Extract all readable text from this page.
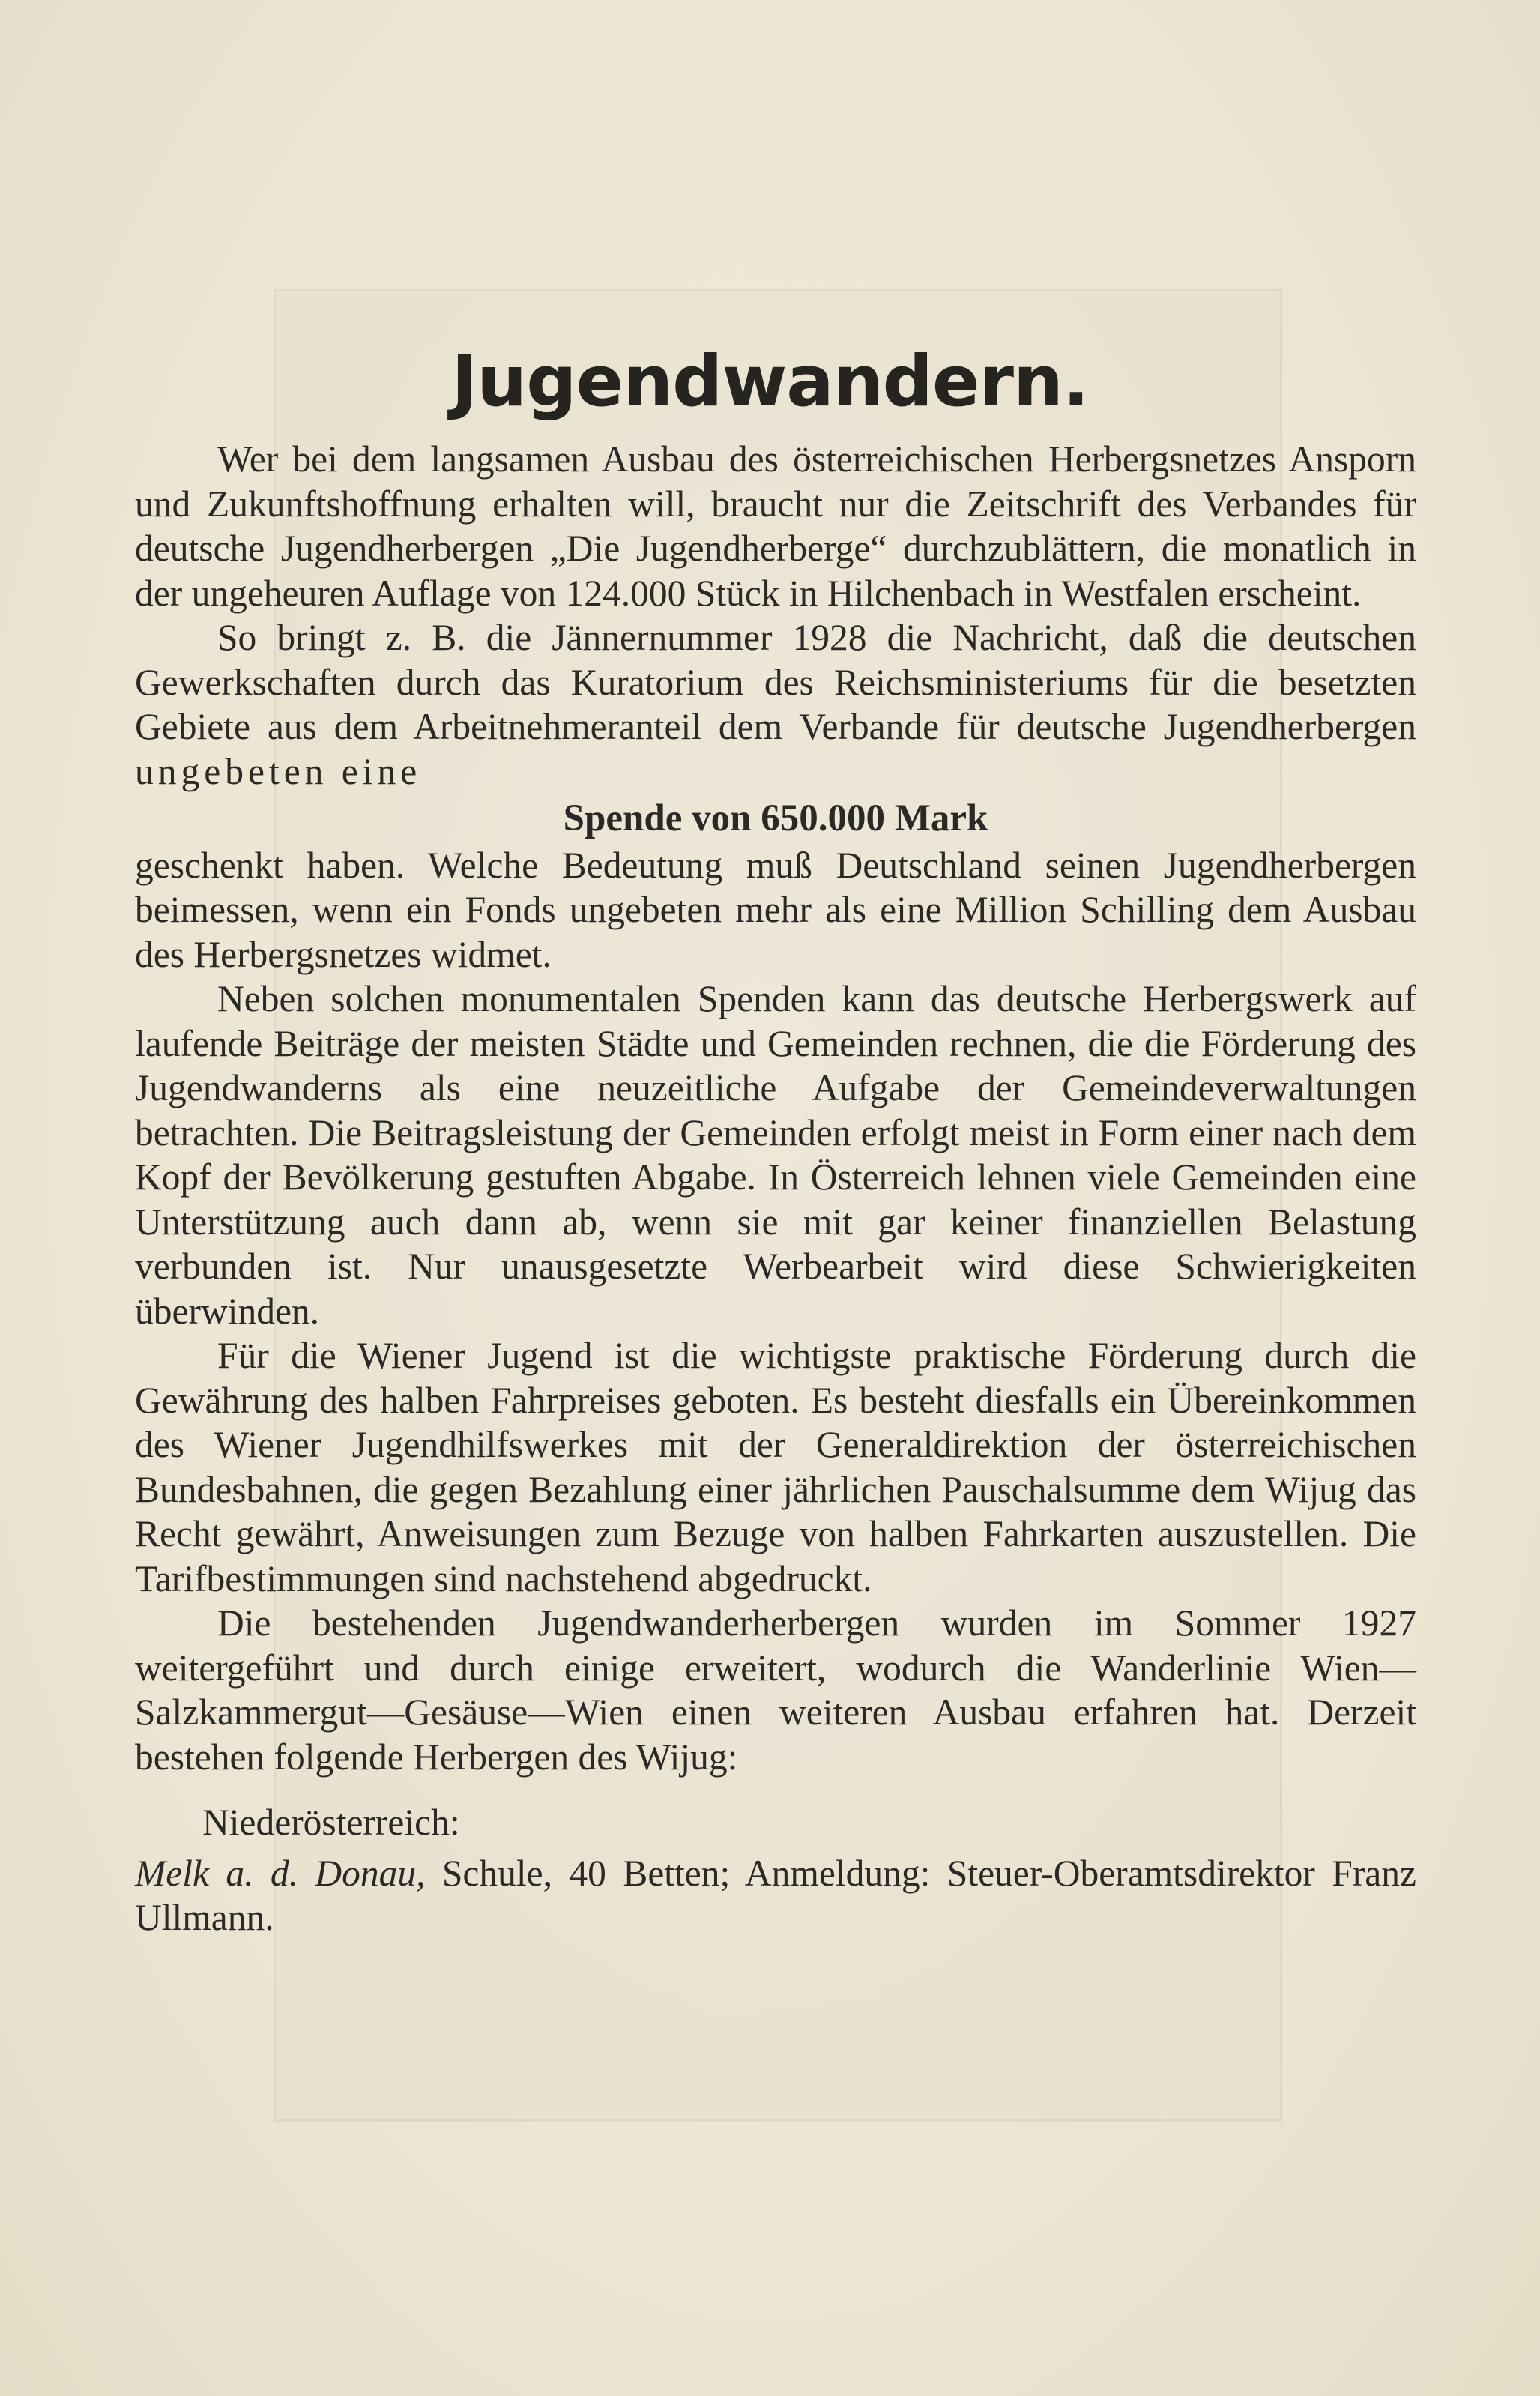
Jugendwandern.

Wer bei dem langsamen Ausbau des österreichischen Herbergsnetzes Ansporn und Zukunftshoffnung erhalten will, braucht nur die Zeitschrift des Verbandes für deutsche Jugendherbergen „Die Jugendherberge“ durchzublättern, die monatlich in der ungeheuren Auflage von 124.000 Stück in Hilchenbach in Westfalen erscheint.

So bringt z. B. die Jännernummer 1928 die Nachricht, daß die deutschen Gewerkschaften durch das Kuratorium des Reichsministeriums für die besetzten Gebiete aus dem Arbeitnehmeranteil dem Verbande für deutsche Jugendherbergen ungebeten eine

Spende von 650.000 Mark

geschenkt haben. Welche Bedeutung muß Deutschland seinen Jugendherbergen beimessen, wenn ein Fonds ungebeten mehr als eine Million Schilling dem Ausbau des Herbergsnetzes widmet.

Neben solchen monumentalen Spenden kann das deutsche Herbergswerk auf laufende Beiträge der meisten Städte und Gemeinden rechnen, die die Förderung des Jugendwanderns als eine neuzeitliche Aufgabe der Gemeindeverwaltungen betrachten. Die Beitragsleistung der Gemeinden erfolgt meist in Form einer nach dem Kopf der Bevölkerung gestuften Abgabe. In Österreich lehnen viele Gemeinden eine Unterstützung auch dann ab, wenn sie mit gar keiner finanziellen Belastung verbunden ist. Nur unausgesetzte Werbearbeit wird diese Schwierigkeiten überwinden.

Für die Wiener Jugend ist die wichtigste praktische Förderung durch die Gewährung des halben Fahrpreises geboten. Es besteht diesfalls ein Übereinkommen des Wiener Jugendhilfswerkes mit der Generaldirektion der österreichischen Bundesbahnen, die gegen Bezahlung einer jährlichen Pauschalsumme dem Wijug das Recht gewährt, Anweisungen zum Bezuge von halben Fahrkarten auszustellen. Die Tarifbestimmungen sind nachstehend abgedruckt.

Die bestehenden Jugendwanderherbergen wurden im Sommer 1927 weitergeführt und durch einige erweitert, wodurch die Wanderlinie Wien—Salzkammergut—Gesäuse—Wien einen weiteren Ausbau erfahren hat. Derzeit bestehen folgende Herbergen des Wijug:

Niederösterreich:

Melk a. d. Donau, Schule, 40 Betten; Anmeldung: Steuer-Oberamtsdirektor Franz Ullmann.
